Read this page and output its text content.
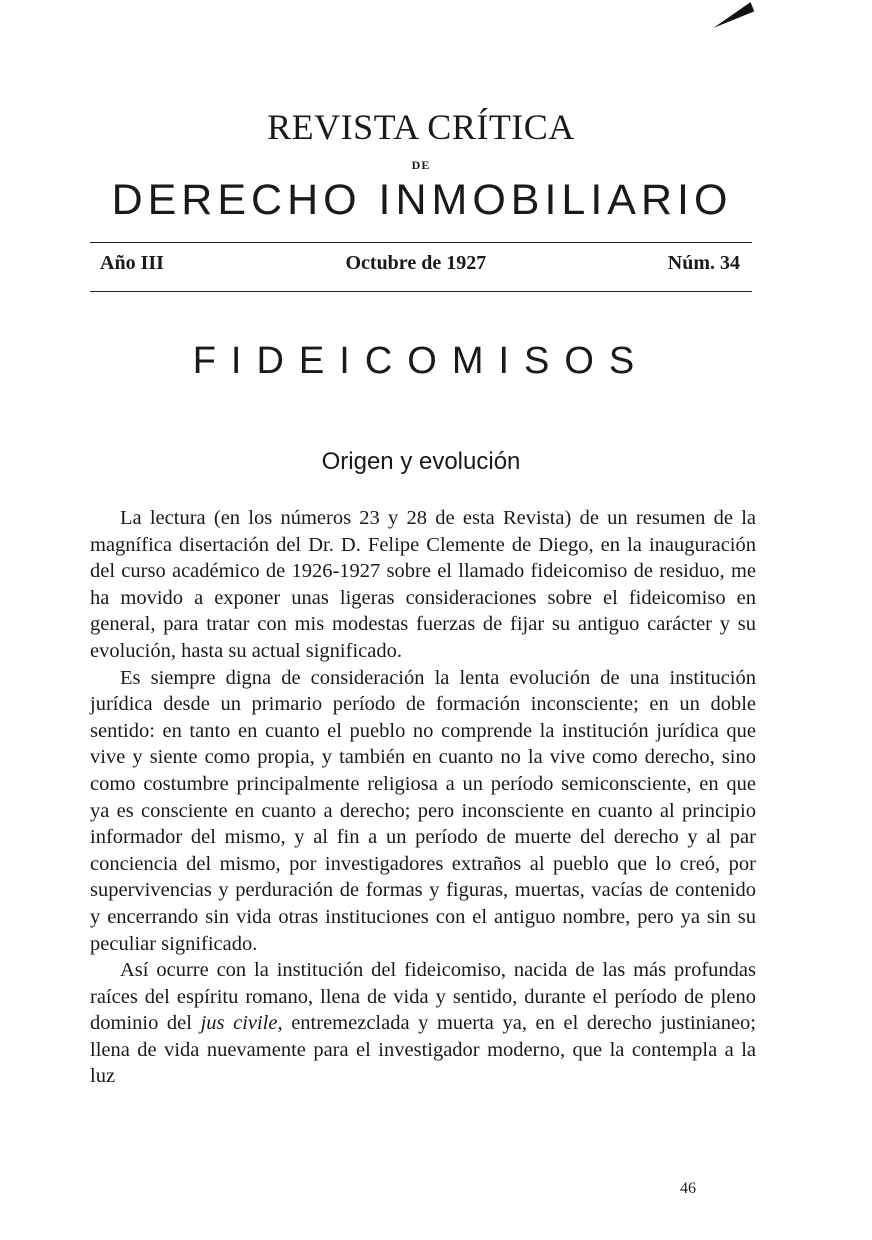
REVISTA CRÍTICA
DE
DERECHO INMOBILIARIO
Año III	Octubre de 1927	Núm. 34
FIDEICOMISOS
Origen y evolución

La lectura (en los números 23 y 28 de esta Revista) de un resumen de la magnífica disertación del Dr. D. Felipe Clemente de Diego, en la inauguración del curso académico de 1926-1927 sobre el llamado fideicomiso de residuo, me ha movido a exponer unas ligeras consideraciones sobre el fideicomiso en general, para tratar con mis modestas fuerzas de fijar su antiguo carácter y su evolución, hasta su actual significado.

Es siempre digna de consideración la lenta evolución de una institución jurídica desde un primario período de formación inconsciente; en un doble sentido: en tanto en cuanto el pueblo no comprende la institución jurídica que vive y siente como propia, y también en cuanto no la vive como derecho, sino como costumbre principalmente religiosa a un período semiconsciente, en que ya es consciente en cuanto a derecho; pero inconsciente en cuanto al principio informador del mismo, y al fin a un período de muerte del derecho y al par conciencia del mismo, por investigadores extraños al pueblo que lo creó, por supervivencias y perduración de formas y figuras, muertas, vacías de contenido y encerrando sin vida otras instituciones con el antiguo nombre, pero ya sin su peculiar significado.

Así ocurre con la institución del fideicomiso, nacida de las más profundas raíces del espíritu romano, llena de vida y sentido, durante el período de pleno dominio del jus civile, entremezclada y muerta ya, en el derecho justinianeo; llena de vida nuevamente para el investigador moderno, que la contempla a la luz

46
